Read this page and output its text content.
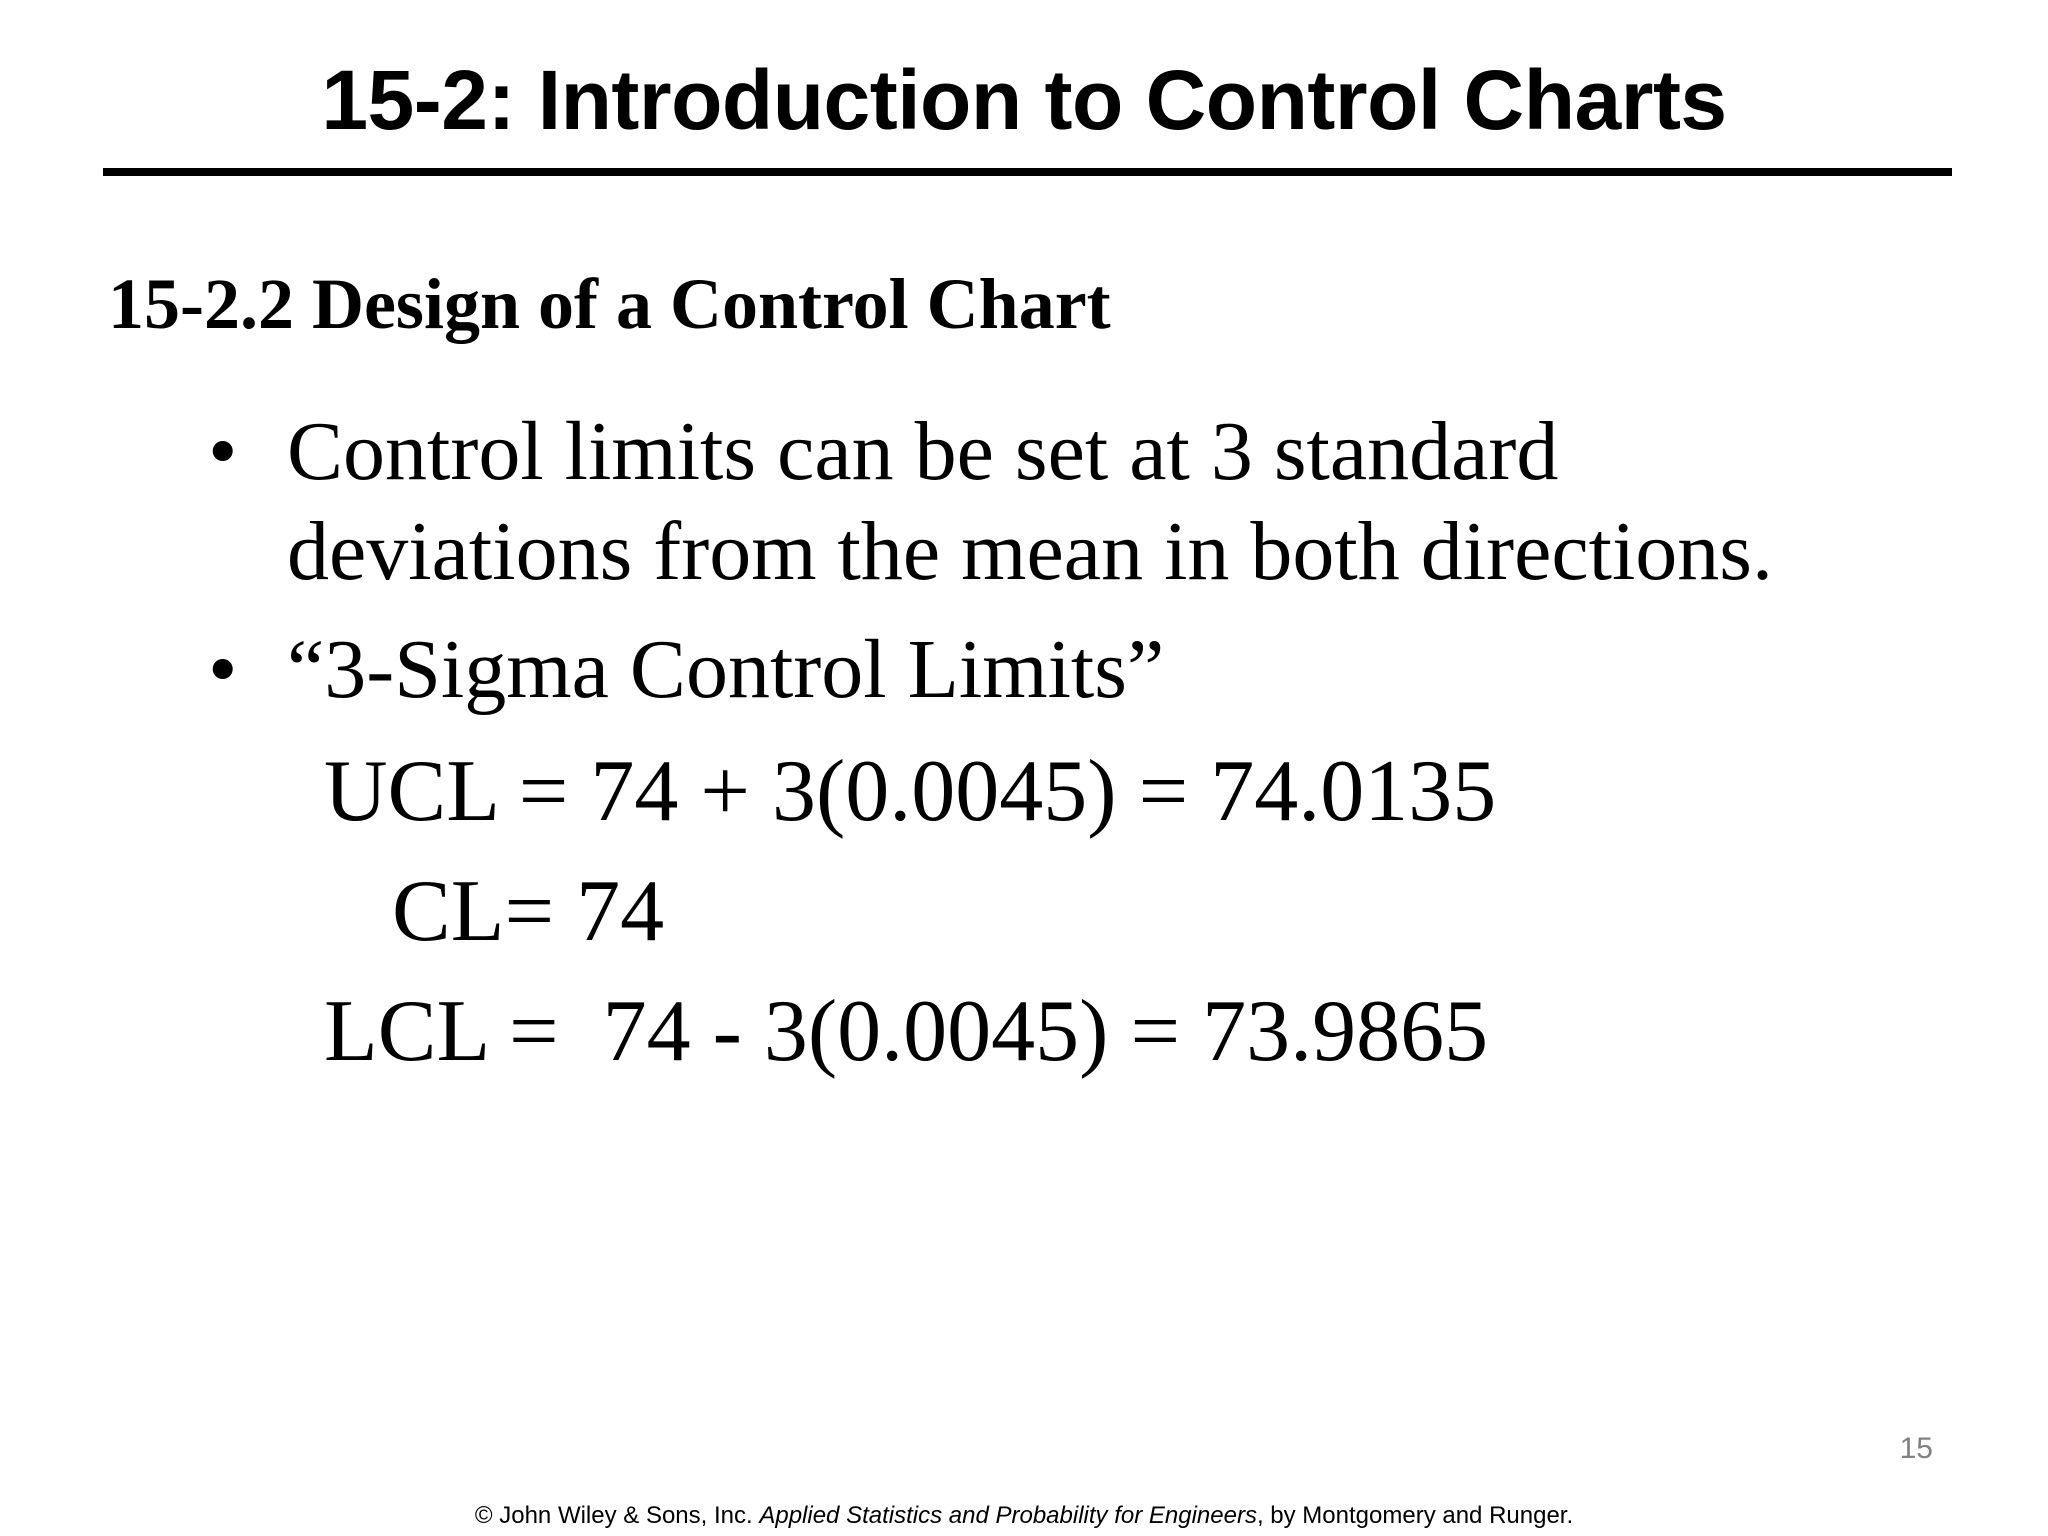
15-2: Introduction to Control Charts
15-2.2 Design of a Control Chart
• Control limits can be set at 3 standard
deviations from the mean in both directions.
• “3-Sigma Control Limits”
UCL = 74 + 3(0.0045) = 74.0135
CL= 74
LCL =  74 - 3(0.0045) = 73.9865
15
© John Wiley & Sons, Inc. Applied Statistics and Probability for Engineers, by Montgomery and Runger.
